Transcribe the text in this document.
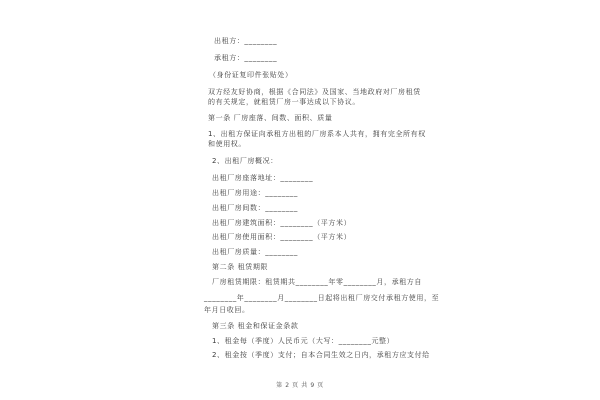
出租方：________
承租方：________
（身份证复印件张贴处）
双方经友好协商，根据《合同法》及国家、当地政府对厂房租赁
的有关规定，就租赁厂房一事达成以下协议。
第一条 厂房座落、间数、面积、质量
1、出租方保证向承租方出租的厂房系本人共有，拥有完全所有权
和使用权。
2、出租厂房概况：
出租厂房座落地址：________
出租厂房用途：________
出租厂房间数：________
出租厂房建筑面积：________（平方米）
出租厂房使用面积：________（平方米）
出租厂房质量：________
第二条 租赁期限
厂房租赁期限：租赁期共________年零________月，承租方自
________年________月________日起将出租厂房交付承租方使用，至
年月日收回。
第三条 租金和保证金条款
1、租金每（季度）人民币元（大写：________元整）
2、租金按（季度）支付；自本合同生效之日内，承租方应支付给
第 2 页 共 9 页
